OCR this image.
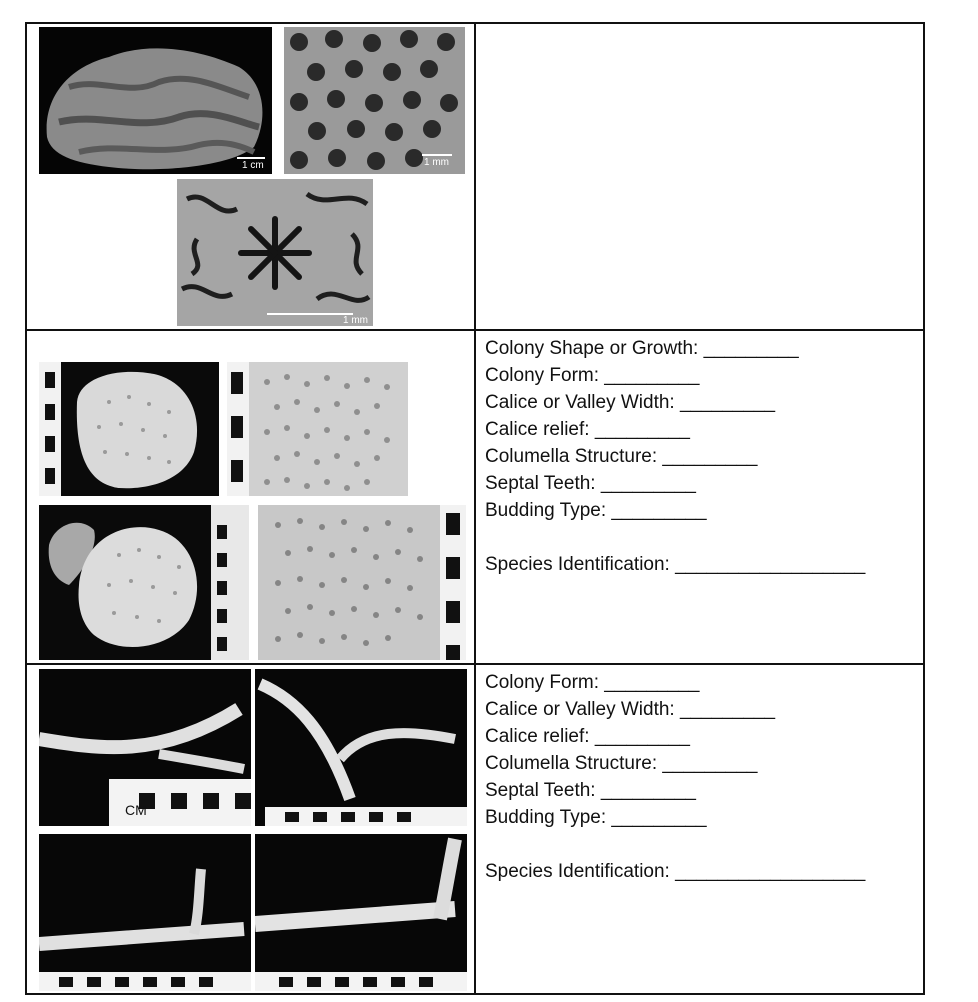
1 cm	1 mm
1 mm
Colony Shape or Growth: _________
Colony Form: _________
Calice or Valley Width: _________
Calice relief: _________
Columella Structure: _________
Septal Teeth: _________
Budding Type: _________
Species Identification: __________________
CM
Colony Form: _________
Calice or Valley Width: _________
Calice relief: _________
Columella Structure: _________
Septal Teeth: _________
Budding Type: _________
Species Identification: __________________
